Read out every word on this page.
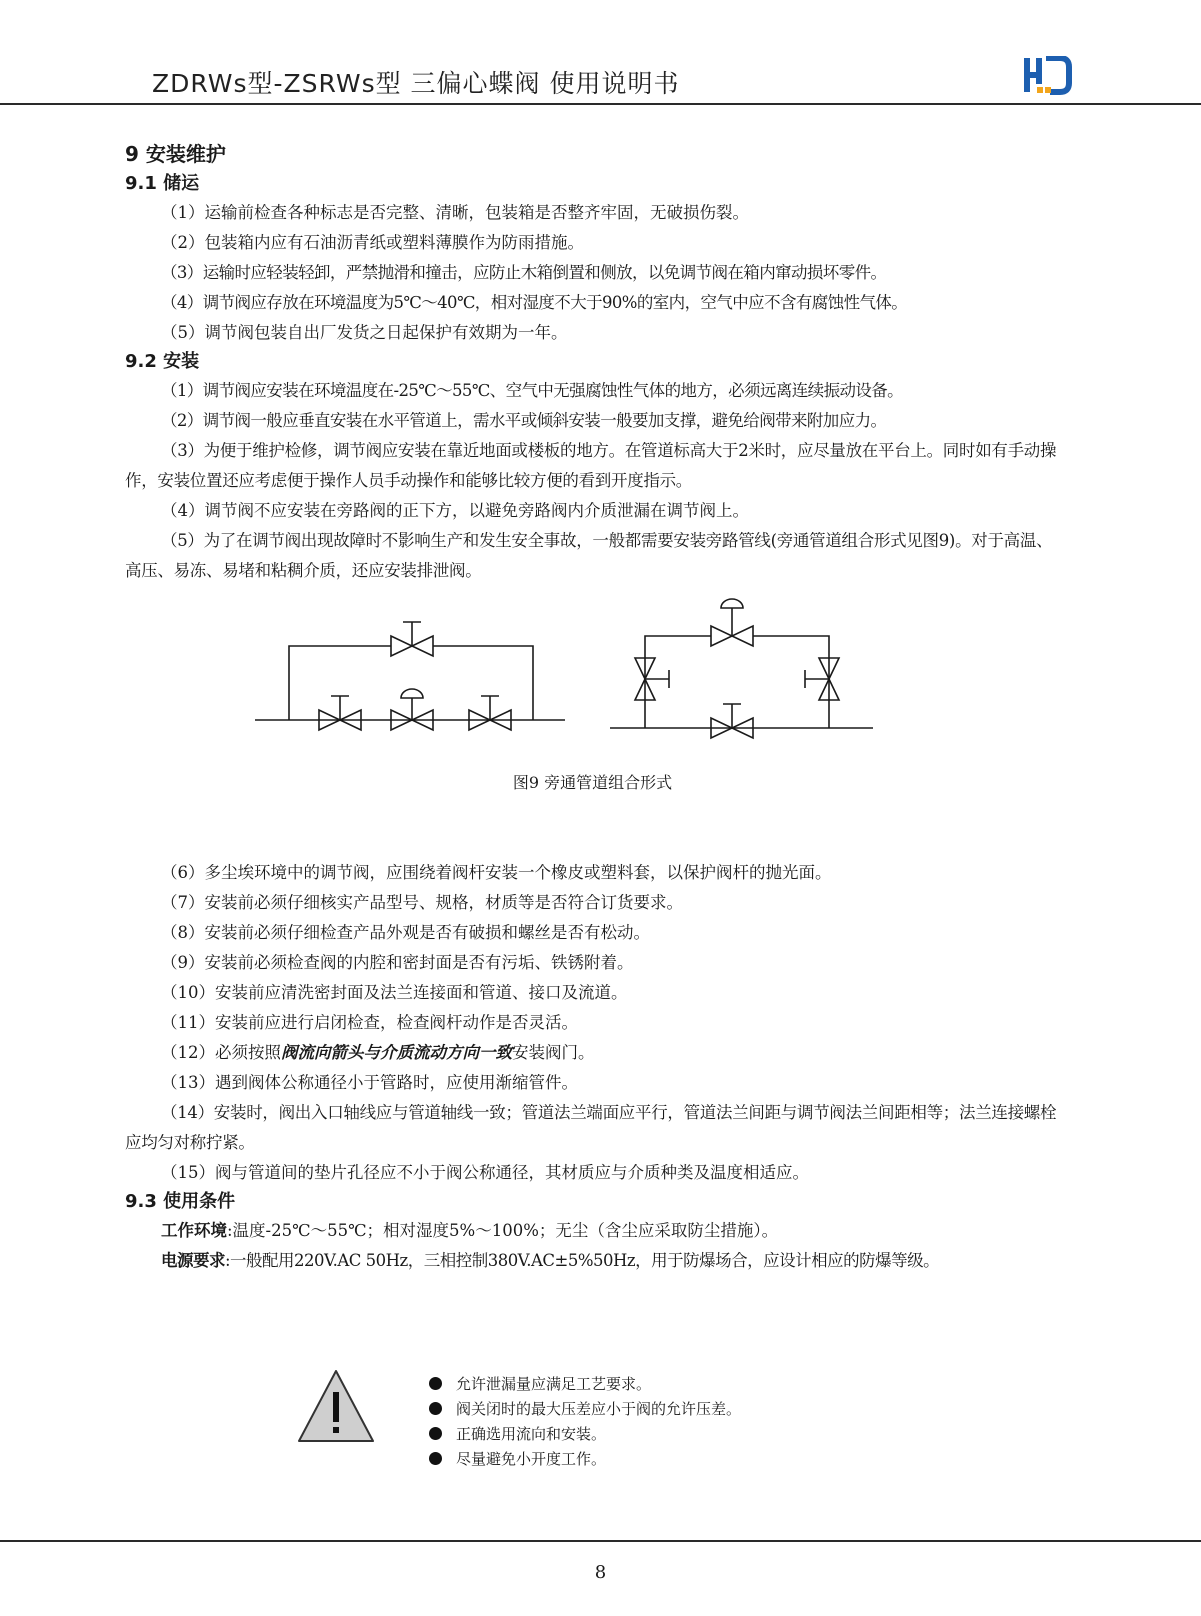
ZDRWs型-ZSRWs型 三偏心蝶阀 使用说明书
9 安装维护
9.1 储运

（1）运输前检查各种标志是否完整、清晰，包装箱是否整齐牢固，无破损伤裂。

（2）包装箱内应有石油沥青纸或塑料薄膜作为防雨措施。

（3）运输时应轻装轻卸，严禁抛滑和撞击，应防止木箱倒置和侧放，以免调节阀在箱内窜动损坏零件。

（4）调节阀应存放在环境温度为5℃～40℃，相对湿度不大于90%的室内，空气中应不含有腐蚀性气体。

（5）调节阀包装自出厂发货之日起保护有效期为一年。

9.2 安装

（1）调节阀应安装在环境温度在-25℃～55℃、空气中无强腐蚀性气体的地方，必须远离连续振动设备。

（2）调节阀一般应垂直安装在水平管道上，需水平或倾斜安装一般要加支撑，避免给阀带来附加应力。

（3）为便于维护检修，调节阀应安装在靠近地面或楼板的地方。在管道标高大于2米时，应尽量放在平台上。同时如有手动操作，安装位置还应考虑便于操作人员手动操作和能够比较方便的看到开度指示。

（4）调节阀不应安装在旁路阀的正下方，以避免旁路阀内介质泄漏在调节阀上。

（5）为了在调节阀出现故障时不影响生产和发生安全事故，一般都需要安装旁路管线(旁通管道组合形式见图9)。对于高温、高压、易冻、易堵和粘稠介质，还应安装排泄阀。

图9 旁通管道组合形式

（6）多尘埃环境中的调节阀，应围绕着阀杆安装一个橡皮或塑料套，以保护阀杆的抛光面。

（7）安装前必须仔细核实产品型号、规格，材质等是否符合订货要求。

（8）安装前必须仔细检查产品外观是否有破损和螺丝是否有松动。

（9）安装前必须检查阀的内腔和密封面是否有污垢、铁锈附着。

（10）安装前应清洗密封面及法兰连接面和管道、接口及流道。

（11）安装前应进行启闭检查，检查阀杆动作是否灵活。

（12）必须按照阀流向箭头与介质流动方向一致安装阀门。

（13）遇到阀体公称通径小于管路时，应使用渐缩管件。

（14）安装时，阀出入口轴线应与管道轴线一致；管道法兰端面应平行，管道法兰间距与调节阀法兰间距相等；法兰连接螺栓应均匀对称拧紧。

（15）阀与管道间的垫片孔径应不小于阀公称通径，其材质应与介质种类及温度相适应。

9.3 使用条件

工作环境:温度-25℃～55℃；相对湿度5%～100%；无尘（含尘应采取防尘措施）。

电源要求:一般配用220V.AC 50Hz，三相控制380V.AC±5%50Hz，用于防爆场合，应设计相应的防爆等级。

允许泄漏量应满足工艺要求。
阀关闭时的最大压差应小于阀的允许压差。
正确选用流向和安装。
尽量避免小开度工作。
8
